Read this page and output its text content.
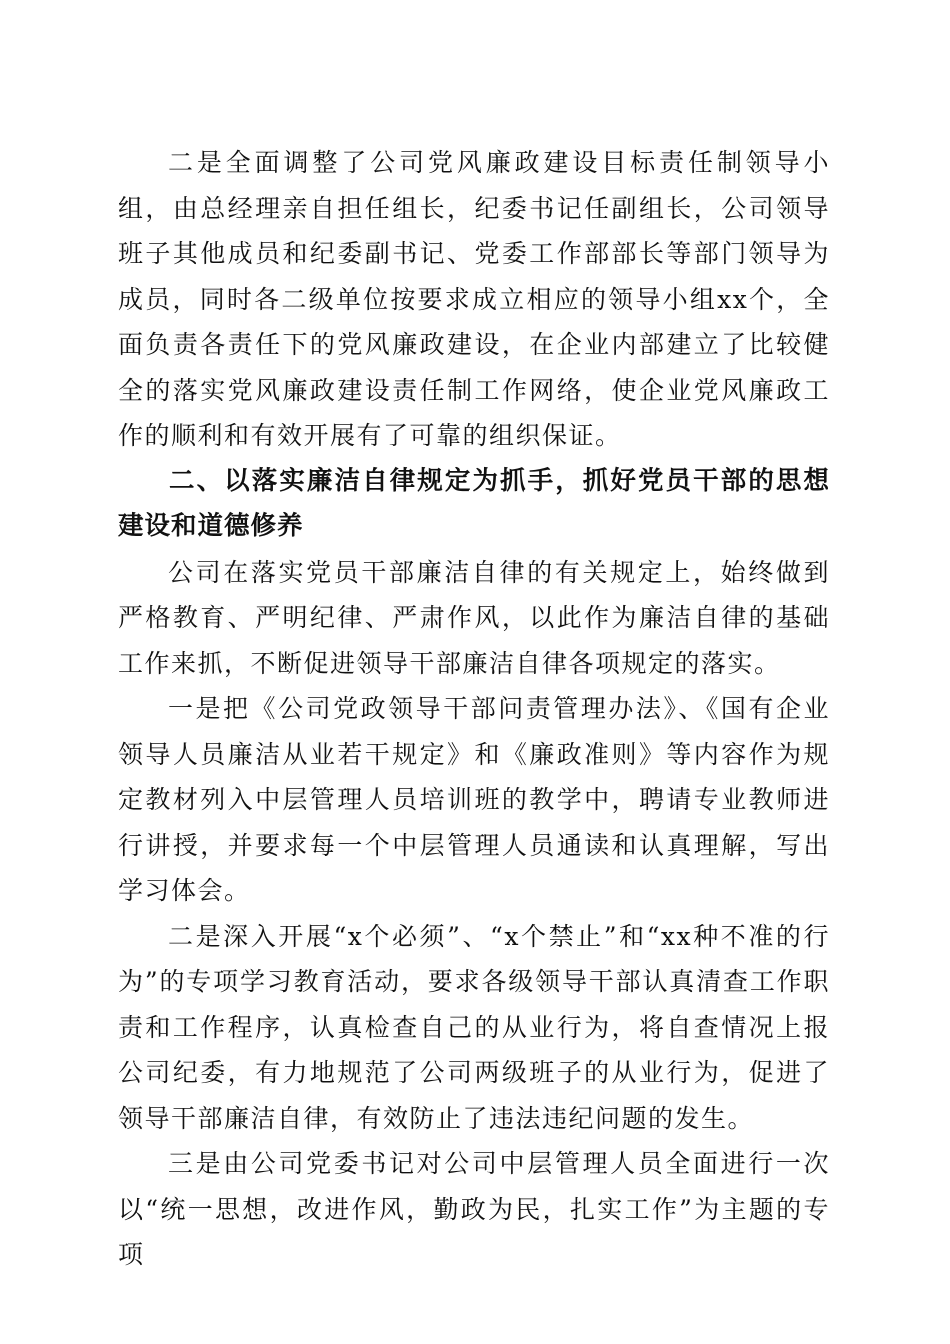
二是全面调整了公司党风廉政建设目标责任制领导小组，由总经理亲自担任组长，纪委书记任副组长，公司领导班子其他成员和纪委副书记、党委工作部部长等部门领导为成员，同时各二级单位按要求成立相应的领导小组xx个，全面负责各责任下的党风廉政建设，在企业内部建立了比较健全的落实党风廉政建设责任制工作网络，使企业党风廉政工作的顺利和有效开展有了可靠的组织保证。

二、以落实廉洁自律规定为抓手，抓好党员干部的思想建设和道德修养

公司在落实党员干部廉洁自律的有关规定上，始终做到严格教育、严明纪律、严肃作风，以此作为廉洁自律的基础工作来抓，不断促进领导干部廉洁自律各项规定的落实。

一是把《公司党政领导干部问责管理办法》、《国有企业领导人员廉洁从业若干规定》和《廉政准则》等内容作为规定教材列入中层管理人员培训班的教学中，聘请专业教师进行讲授，并要求每一个中层管理人员通读和认真理解，写出学习体会。

二是深入开展“x个必须”、“x个禁止”和“xx种不准的行为”的专项学习教育活动，要求各级领导干部认真清查工作职责和工作程序，认真检查自己的从业行为，将自查情况上报公司纪委，有力地规范了公司两级班子的从业行为，促进了领导干部廉洁自律，有效防止了违法违纪问题的发生。

三是由公司党委书记对公司中层管理人员全面进行一次以“统一思想，改进作风，勤政为民，扎实工作”为主题的专项
